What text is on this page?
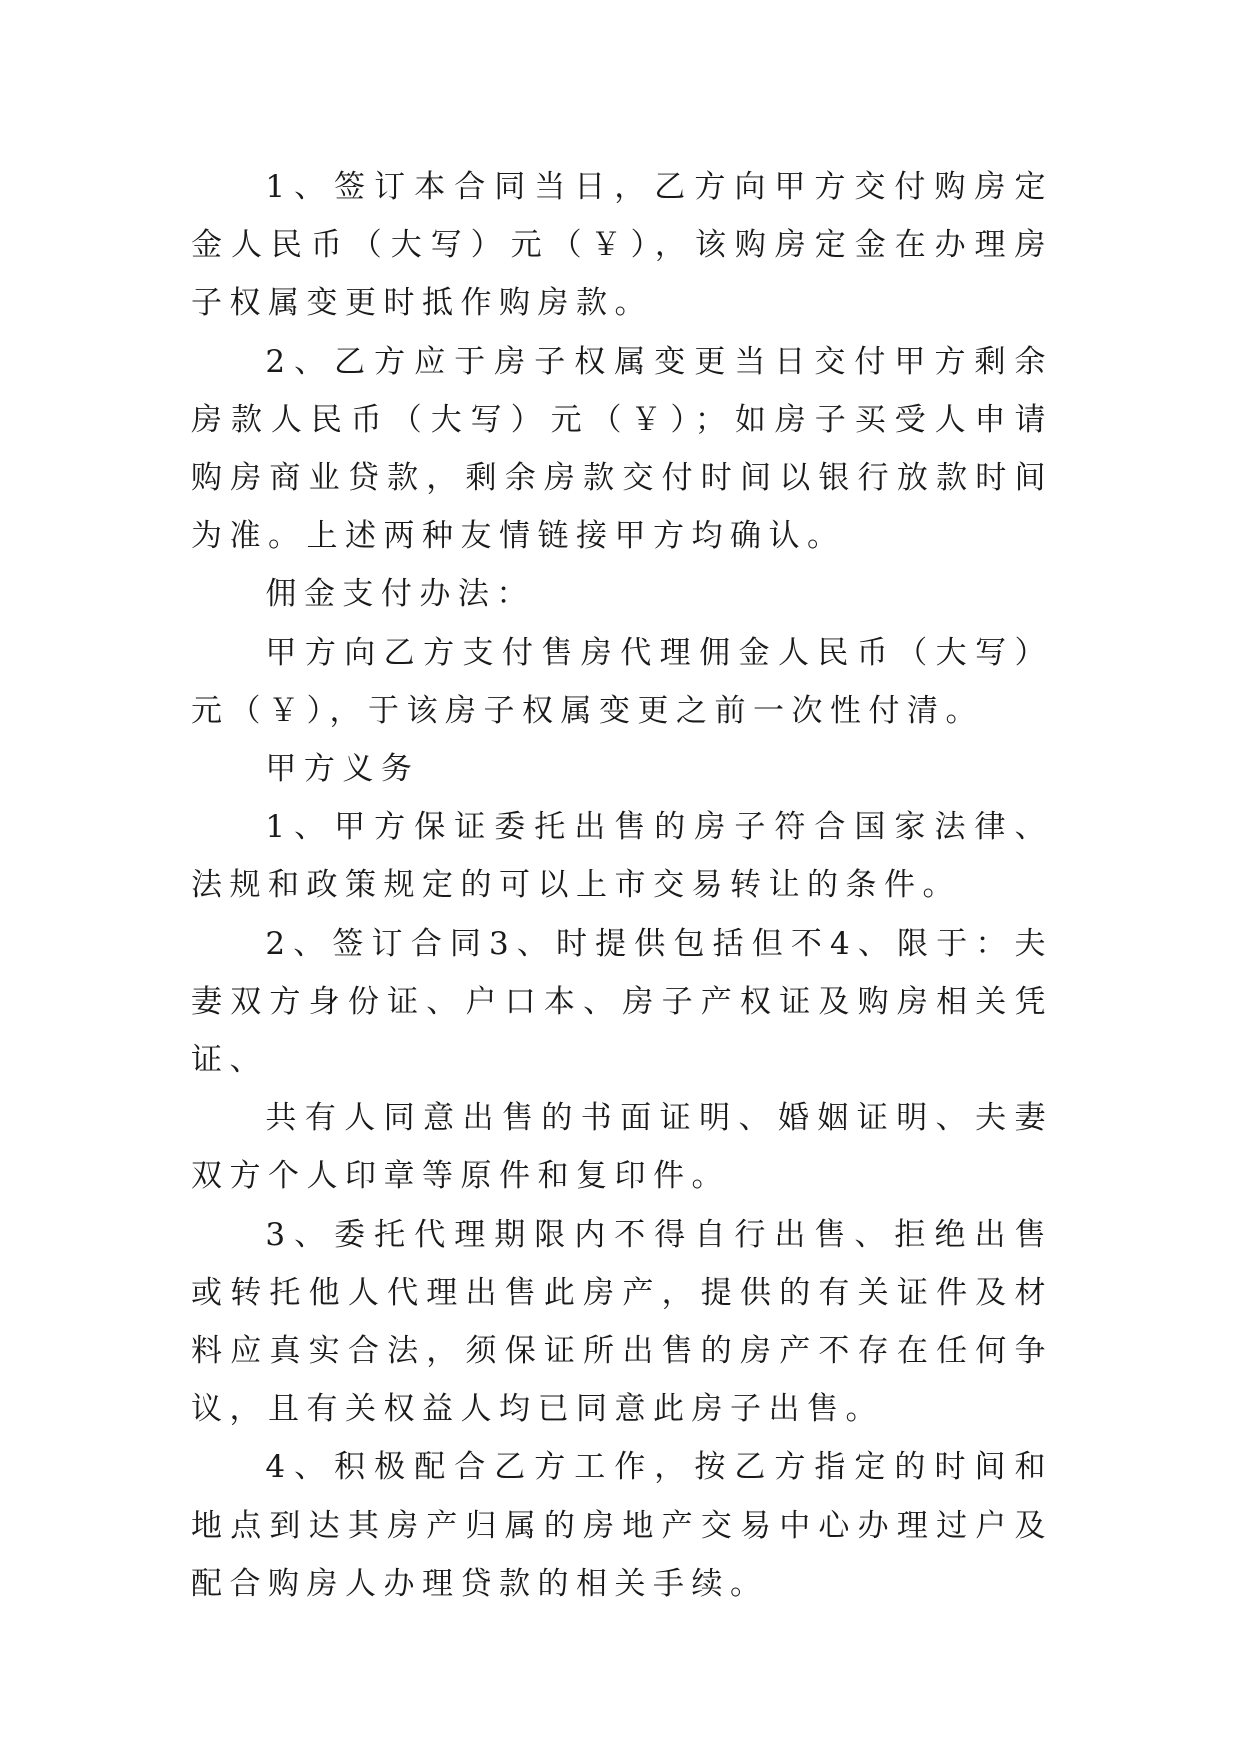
1、签订本合同当日，乙方向甲方交付购房定金人民币（大写）元（￥），该购房定金在办理房子权属变更时抵作购房款。

2、乙方应于房子权属变更当日交付甲方剩余房款人民币（大写）元（￥）；如房子买受人申请购房商业贷款，剩余房款交付时间以银行放款时间为准。上述两种友情链接甲方均确认。

佣金支付办法：

甲方向乙方支付售房代理佣金人民币（大写）元（￥），于该房子权属变更之前一次性付清。

甲方义务

1、甲方保证委托出售的房子符合国家法律、法规和政策规定的可以上市交易转让的条件。

2、签订合同3、时提供包括但不4、限于：夫妻双方身份证、户口本、房子产权证及购房相关凭证、

共有人同意出售的书面证明、婚姻证明、夫妻双方个人印章等原件和复印件。

3、委托代理期限内不得自行出售、拒绝出售或转托他人代理出售此房产，提供的有关证件及材料应真实合法，须保证所出售的房产不存在任何争议，且有关权益人均已同意此房子出售。

4、积极配合乙方工作，按乙方指定的时间和地点到达其房产归属的房地产交易中心办理过户及配合购房人办理贷款的相关手续。
